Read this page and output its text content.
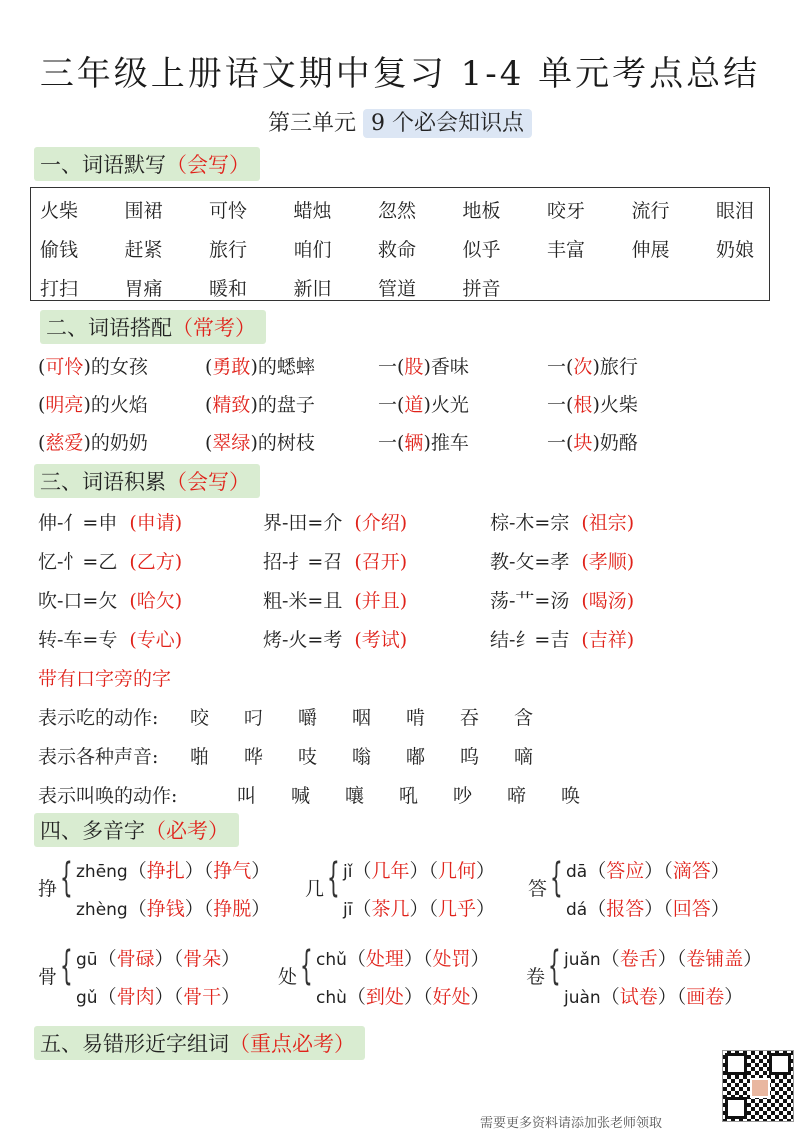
三年级上册语文期中复习 1-4 单元考点总结
第三单元 9 个必会知识点
一、词语默写（会写）
二、词语搭配（常考）
三、词语积累（会写）
带有口字旁的字
四、多音字（必考）
五、易错形近字组词（重点必考）
需要更多资料请添加张老师领取
火柴 围裙 可怜 蜡烛 忽然 地板 咬牙 流行 眼泪
偷钱 赶紧 旅行 咱们 救命 似乎 丰富 伸展 奶娘
打扫 胃痛 暖和 新旧 管道 拼音
(可怜)的女孩	(勇敢)的蟋蟀	一(股)香味	一(次)旅行
(明亮)的火焰	(精致)的盘子	一(道)火光	一(根)火柴
(慈爱)的奶奶	(翠绿)的树枝	一(辆)推车	一(块)奶酪
伸-亻=申 (申请)	界-田=介 (介绍)	棕-木=宗 (祖宗)
忆-忄=乙 (乙方)	招-扌=召 (召开)	教-攵=孝 (孝顺)
吹-口=欠 (哈欠)	粗-米=且 (并且)	荡-艹=汤 (喝汤)
转-车=专 (专心)	烤-火=考 (考试)	结-纟=吉 (吉祥)
表示吃的动作: 咬 叼 嚼 咽 啃 吞 含
表示各种声音: 啪 哗 吱 嗡 嘟 呜 嘀
表示叫唤的动作:	叫 喊 嚷 吼 吵 啼 唤
挣 { zhēng（挣扎）（挣气）
zhèng（挣钱）（挣脱）
几 { jǐ（几年）（几何）
jī（茶几）（几乎）
答 { dā（答应）（滴答）
dá（报答）（回答）
骨 { gū（骨碌）（骨朵）
gǔ（骨肉）（骨干）
处 { chǔ（处理）（处罚）
chù（到处）（好处）
卷 { juǎn（卷舌）（卷铺盖）
juàn（试卷）（画卷）
